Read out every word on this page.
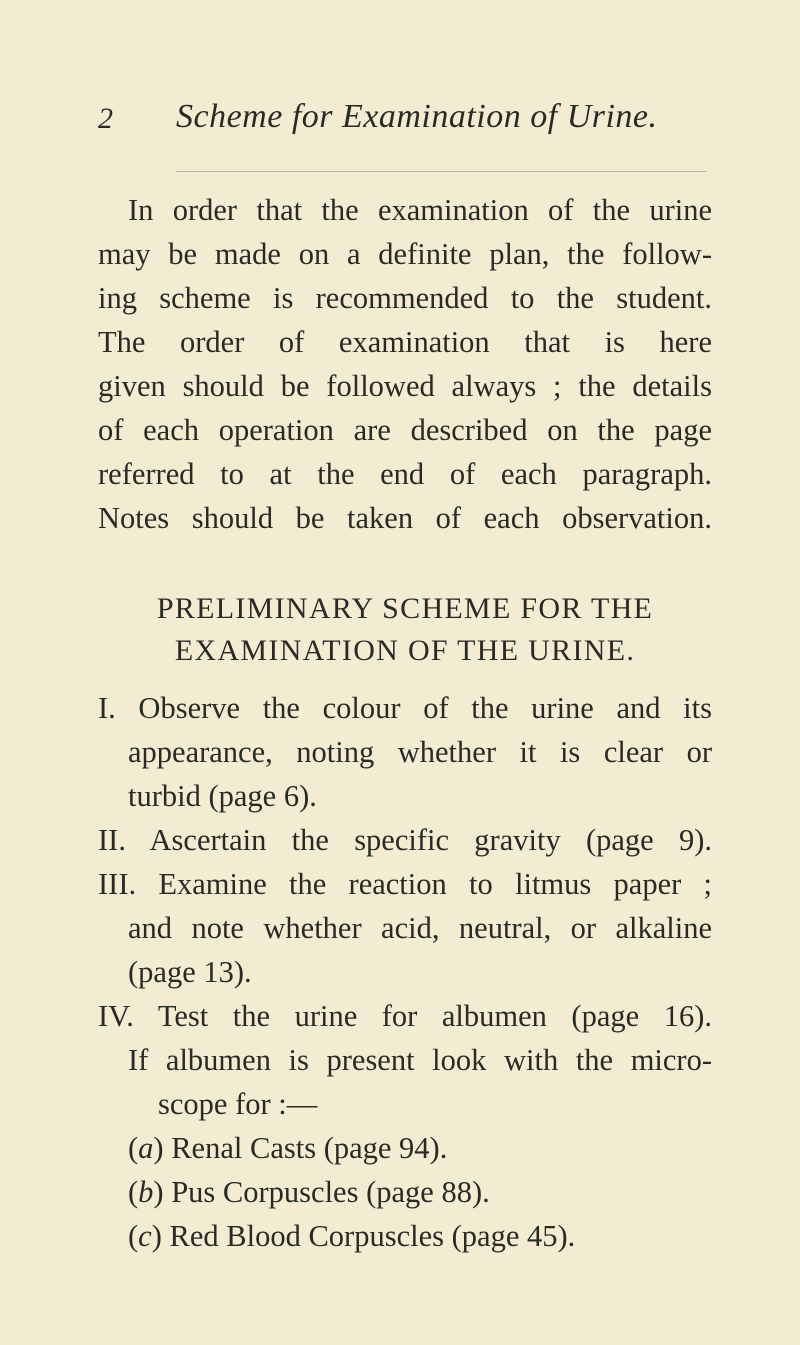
2 Scheme for Examination of Urine.
In order that the examination of the urine
may be made on a definite plan, the follow-
ing scheme is recommended to the student.
The order of examination that is here
given should be followed always ; the details
of each operation are described on the page
referred to at the end of each paragraph.
Notes should be taken of each observation.
PRELIMINARY SCHEME FOR THE
EXAMINATION OF THE URINE.
I. Observe the colour of the urine and its
appearance, noting whether it is clear or
turbid (page 6).
II. Ascertain the specific gravity (page 9).
III. Examine the reaction to litmus paper ;
and note whether acid, neutral, or alkaline
(page 13).
IV. Test the urine for albumen (page 16).
If albumen is present look with the micro-
scope for :—
(a) Renal Casts (page 94).
(b) Pus Corpuscles (page 88).
(c) Red Blood Corpuscles (page 45).
